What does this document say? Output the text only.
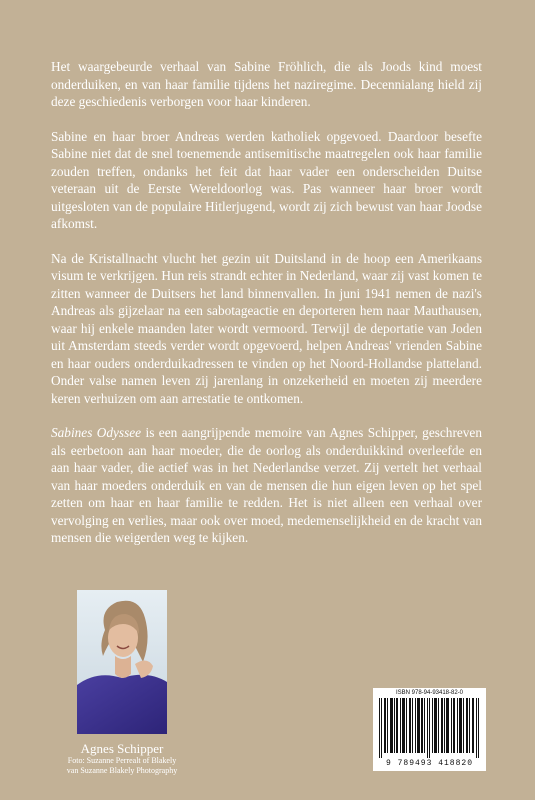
Het waargebeurde verhaal van Sabine Fröhlich, die als Joods kind moest onderduiken, en van haar familie tijdens het naziregime. Decennialang hield zij deze geschiedenis verborgen voor haar kinderen.

Sabine en haar broer Andreas werden katholiek opgevoed. Daardoor besefte Sabine niet dat de snel toenemende antisemitische maatregelen ook haar familie zouden treffen, ondanks het feit dat haar vader een onderscheiden Duitse veteraan uit de Eerste Wereldoorlog was. Pas wanneer haar broer wordt uitgesloten van de populaire Hitlerjugend, wordt zij zich bewust van haar Joodse afkomst.

Na de Kristallnacht vlucht het gezin uit Duitsland in de hoop een Amerikaans visum te verkrijgen. Hun reis strandt echter in Nederland, waar zij vast komen te zitten wanneer de Duitsers het land binnenvallen. In juni 1941 nemen de nazi's Andreas als gijzelaar na een sabotageactie en deporteren hem naar Mauthausen, waar hij enkele maanden later wordt vermoord. Terwijl de deportatie van Joden uit Amsterdam steeds verder wordt opgevoerd, helpen Andreas' vrienden Sabine en haar ouders onderduikadressen te vinden op het Noord-Hollandse platteland. Onder valse namen leven zij jarenlang in onzekerheid en moeten zij meerdere keren verhuizen om aan arrestatie te ontkomen.

Sabines Odyssee is een aangrijpende memoire van Agnes Schipper, geschreven als eerbetoon aan haar moeder, die de oorlog als onderduikkind overleefde en aan haar vader, die actief was in het Nederlandse verzet. Zij vertelt het verhaal van haar moeders onderduik en van de mensen die hun eigen leven op het spel zetten om haar en haar familie te redden. Het is niet alleen een verhaal over vervolging en verlies, maar ook over moed, medemenselijkheid en de kracht van mensen die weigerden weg te kijken.

Agnes Schipper
Foto: Suzanne Perrealt of Blakely
van Suzanne Blakely Photography
ISBN 978-94-93418-82-0
9 789493 418820
